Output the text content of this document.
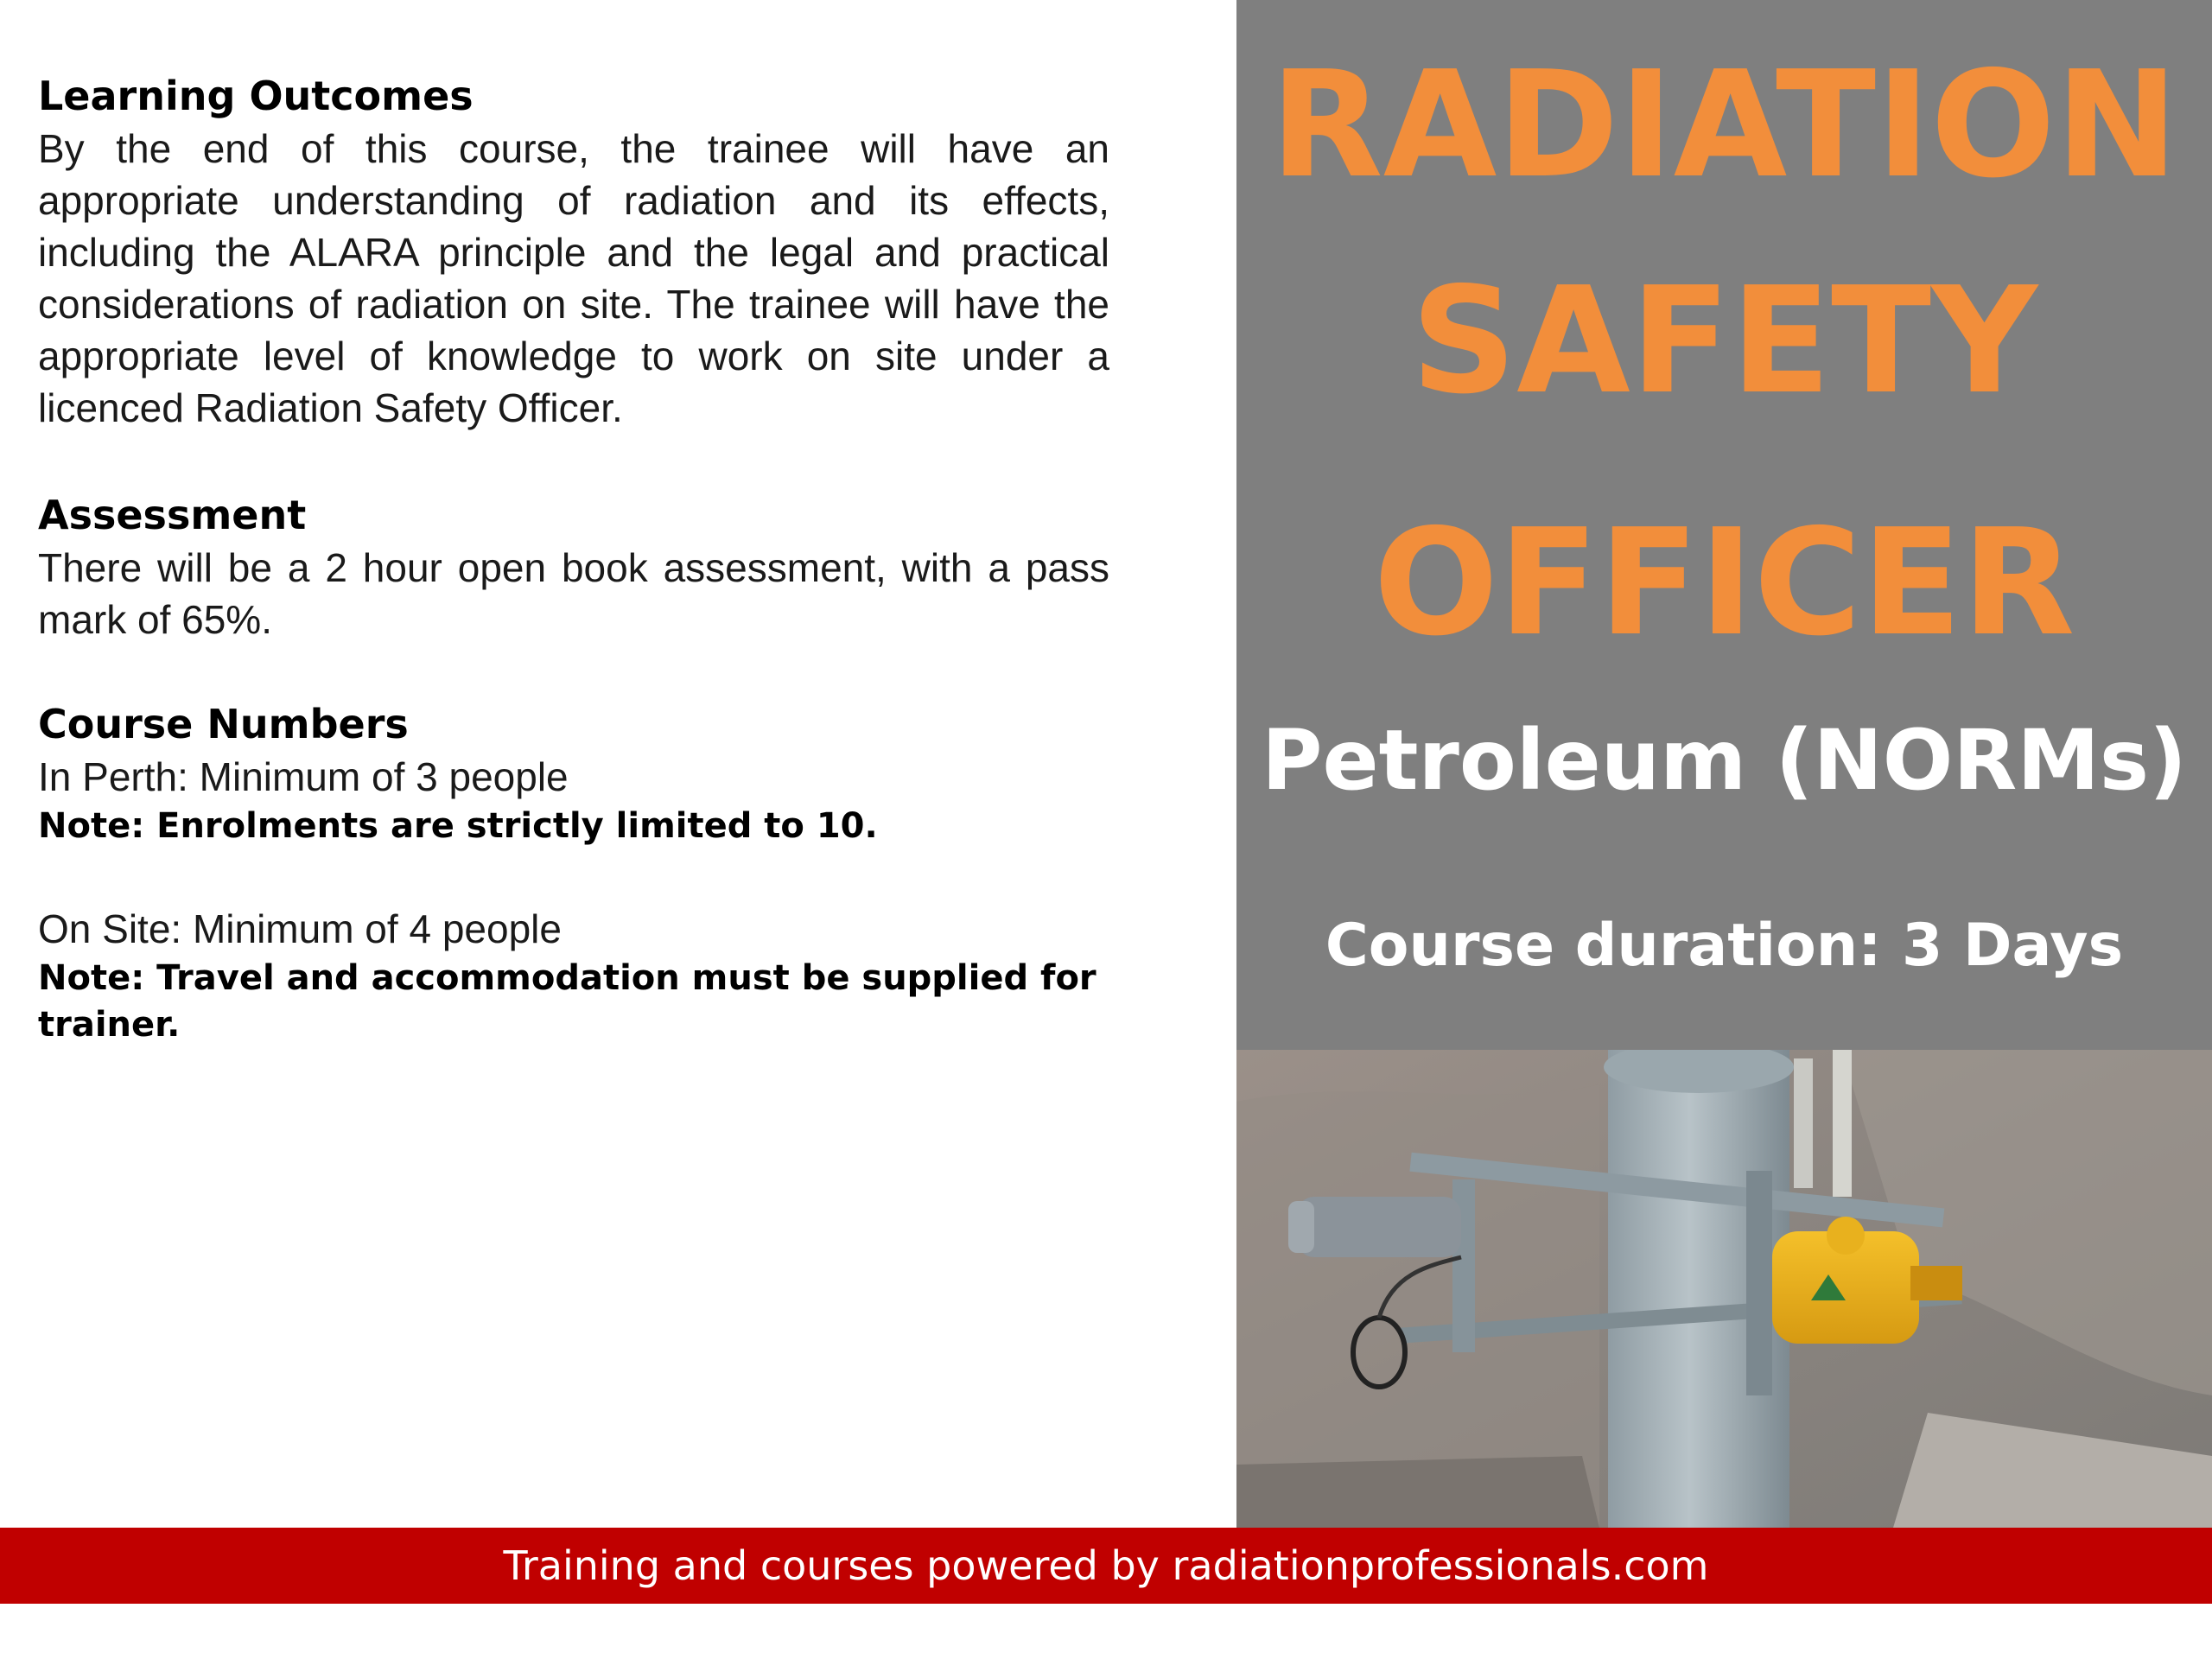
Learning Outcomes

By the end of this course, the trainee will have an appropriate understanding of radiation and its effects, including the ALARA principle and the legal and practical considerations of radiation on site. The trainee will have the appropriate level of knowledge to work on site under a licenced Radiation Safety Officer.

Assessment

There will be a 2 hour open book assessment, with a pass mark of 65%.

Course Numbers

In Perth: Minimum of 3 people

Note: Enrolments are strictly limited to 10.

On Site: Minimum of 4 people

Note: Travel and accommodation must be supplied for trainer.

RADIATION
SAFETY
OFFICER
Petroleum (NORMs)
Course duration: 3 Days
Training and courses powered by radiationprofessionals.com
